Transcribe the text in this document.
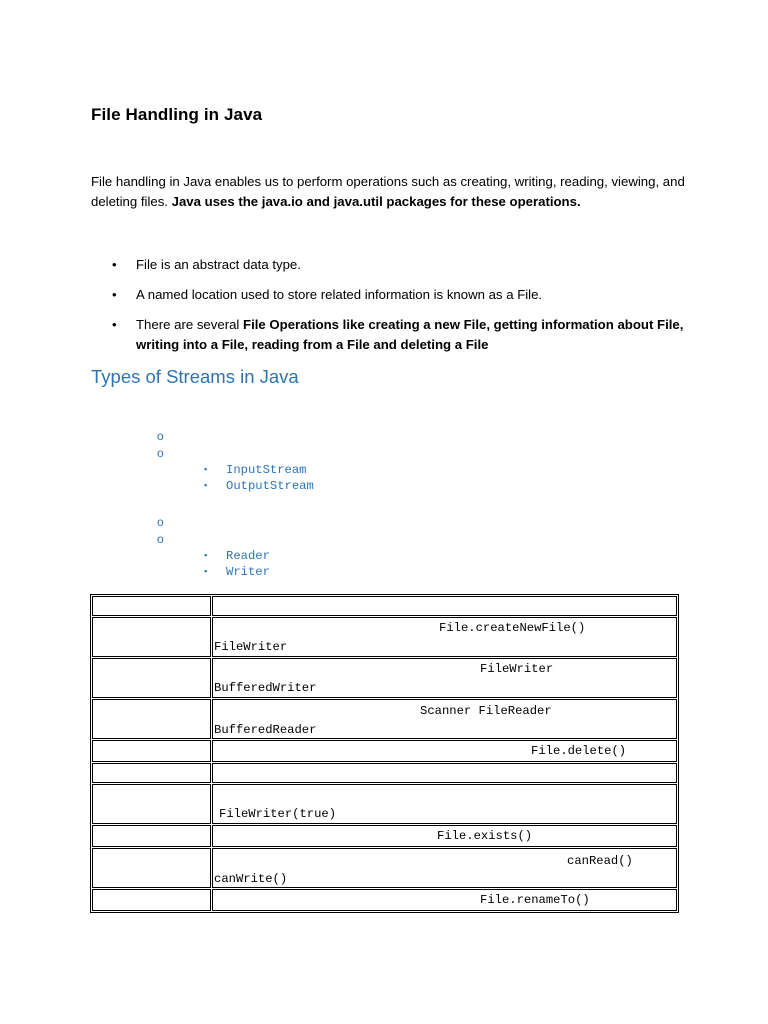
File Handling in Java

File handling in Java enables us to perform operations such as creating, writing, reading, viewing, and deleting files. Java uses the java.io and java.util packages for these operations.

• File is an abstract data type.
• A named location used to store related information is known as a File.
• There are several File Operations like creating a new File, getting information about File, writing into a File, reading from a File and deleting a File
Types of Streams in Java
o
o
▪ InputStream
▪ OutputStream
o
o
▪ Reader
▪ Writer

	File.createNewFile()
FileWriter

	FileWriter
BufferedWriter

	Scanner FileReader
BufferedReader

	File.delete()

	FileWriter(true)

	File.exists()

	canRead()
canWrite()

	File.renameTo()
